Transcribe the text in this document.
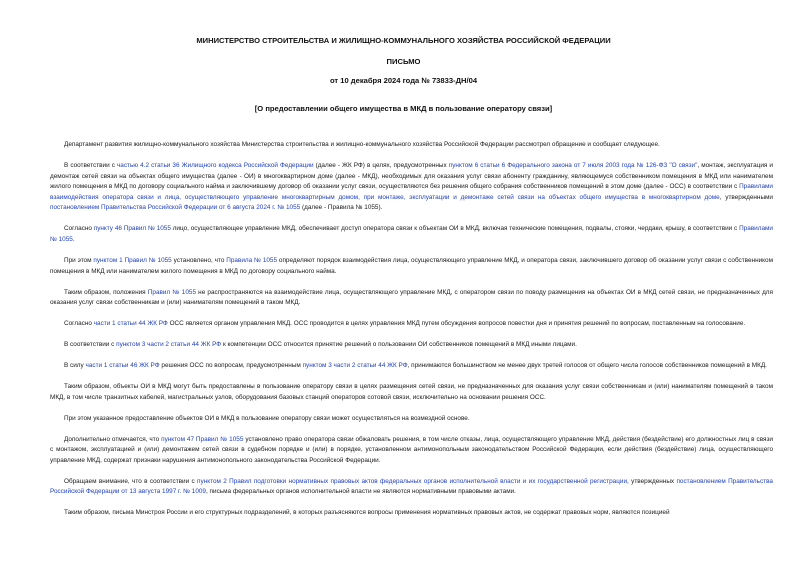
МИНИСТЕРСТВО СТРОИТЕЛЬСТВА И ЖИЛИЩНО-КОММУНАЛЬНОГО ХОЗЯЙСТВА РОССИЙСКОЙ ФЕДЕРАЦИИ
ПИСЬМО
от 10 декабря 2024 года № 73833-ДН/04
[О предоставлении общего имущества в МКД в пользование оператору связи]

Департамент развития жилищно-коммунального хозяйства Министерства строительства и жилищно-коммунального хозяйства Российской Федерации рассмотрел обращение и сообщает следующее.

В соответствии с частью 4.2 статьи 36 Жилищного кодекса Российской Федерации (далее - ЖК РФ) в целях, предусмотренных пунктом 6 статьи 6 Федерального закона от 7 июля 2003 года № 126-ФЗ "О связи", монтаж, эксплуатация и демонтаж сетей связи на объектах общего имущества (далее - ОИ) в многоквартирном доме (далее - МКД), необходимых для оказания услуг связи абоненту гражданину, являющемуся собственником помещения в МКД или нанимателем жилого помещения в МКД по договору социального найма и заключившему договор об оказании услуг связи, осуществляются без решения общего собрания собственников помещений в этом доме (далее - ОСС) в соответствии с Правилами взаимодействия оператора связи и лица, осуществляющего управление многоквартирным домом, при монтаже, эксплуатации и демонтаже сетей связи на объектах общего имущества в многоквартирном доме, утвержденными постановлением Правительства Российской Федерации от 6 августа 2024 г. № 1055 (далее - Правила № 1055).

Согласно пункту 46 Правил № 1055 лицо, осуществляющее управление МКД, обеспечивает доступ оператора связи к объектам ОИ в МКД, включая технические помещения, подвалы, стояки, чердаки, крышу, в соответствии с Правилами № 1055.

При этом пунктом 1 Правил № 1055 установлено, что Правила № 1055 определяют порядок взаимодействия лица, осуществляющего управление МКД, и оператора связи, заключившего договор об оказании услуг связи с собственником помещения в МКД или нанимателем жилого помещения в МКД по договору социального найма.

Таким образом, положения Правил № 1055 не распространяются на взаимодействие лица, осуществляющего управление МКД, с оператором связи по поводу размещения на объектах ОИ в МКД сетей связи, не предназначенных для оказания услуг связи собственникам и (или) нанимателям помещений в таком МКД.

Согласно части 1 статьи 44 ЖК РФ ОСС является органом управления МКД. ОСС проводится в целях управления МКД путем обсуждения вопросов повестки дня и принятия решений по вопросам, поставленным на голосование.

В соответствии с пунктом 3 части 2 статьи 44 ЖК РФ к компетенции ОСС относится принятие решений о пользовании ОИ собственников помещений в МКД иными лицами.

В силу части 1 статьи 46 ЖК РФ решения ОСС по вопросам, предусмотренным пунктом 3 части 2 статьи 44 ЖК РФ, принимаются большинством не менее двух третей голосов от общего числа голосов собственников помещений в МКД.

Таким образом, объекты ОИ в МКД могут быть предоставлены в пользование оператору связи в целях размещения сетей связи, не предназначенных для оказания услуг связи собственникам и (или) нанимателям помещений в таком МКД, в том числе транзитных кабелей, магистральных узлов, оборудования базовых станций операторов сотовой связи, исключительно на основании решения ОСС.

При этом указанное предоставление объектов ОИ в МКД в пользование оператору связи может осуществляться на возмездной основе.

Дополнительно отмечается, что пунктом 47 Правил № 1055 установлено право оператора связи обжаловать решения, в том числе отказы, лица, осуществляющего управление МКД, действия (бездействие) его должностных лиц в связи с монтажом, эксплуатацией и (или) демонтажем сетей связи в судебном порядке и (или) в порядке, установленном антимонопольным законодательством Российской Федерации, если действия (бездействие) лица, осуществляющего управление МКД, содержат признаки нарушения антимонопольного законодательства Российской Федерации.

Обращаем внимание, что в соответствии с пунктом 2 Правил подготовки нормативных правовых актов федеральных органов исполнительной власти и их государственной регистрации, утвержденных постановлением Правительства Российской Федерации от 13 августа 1997 г. № 1009, письма федеральных органов исполнительной власти не являются нормативными правовыми актами.

Таким образом, письма Минстроя России и его структурных подразделений, в которых разъясняются вопросы применения нормативных правовых актов, не содержат правовых норм, являются позицией
